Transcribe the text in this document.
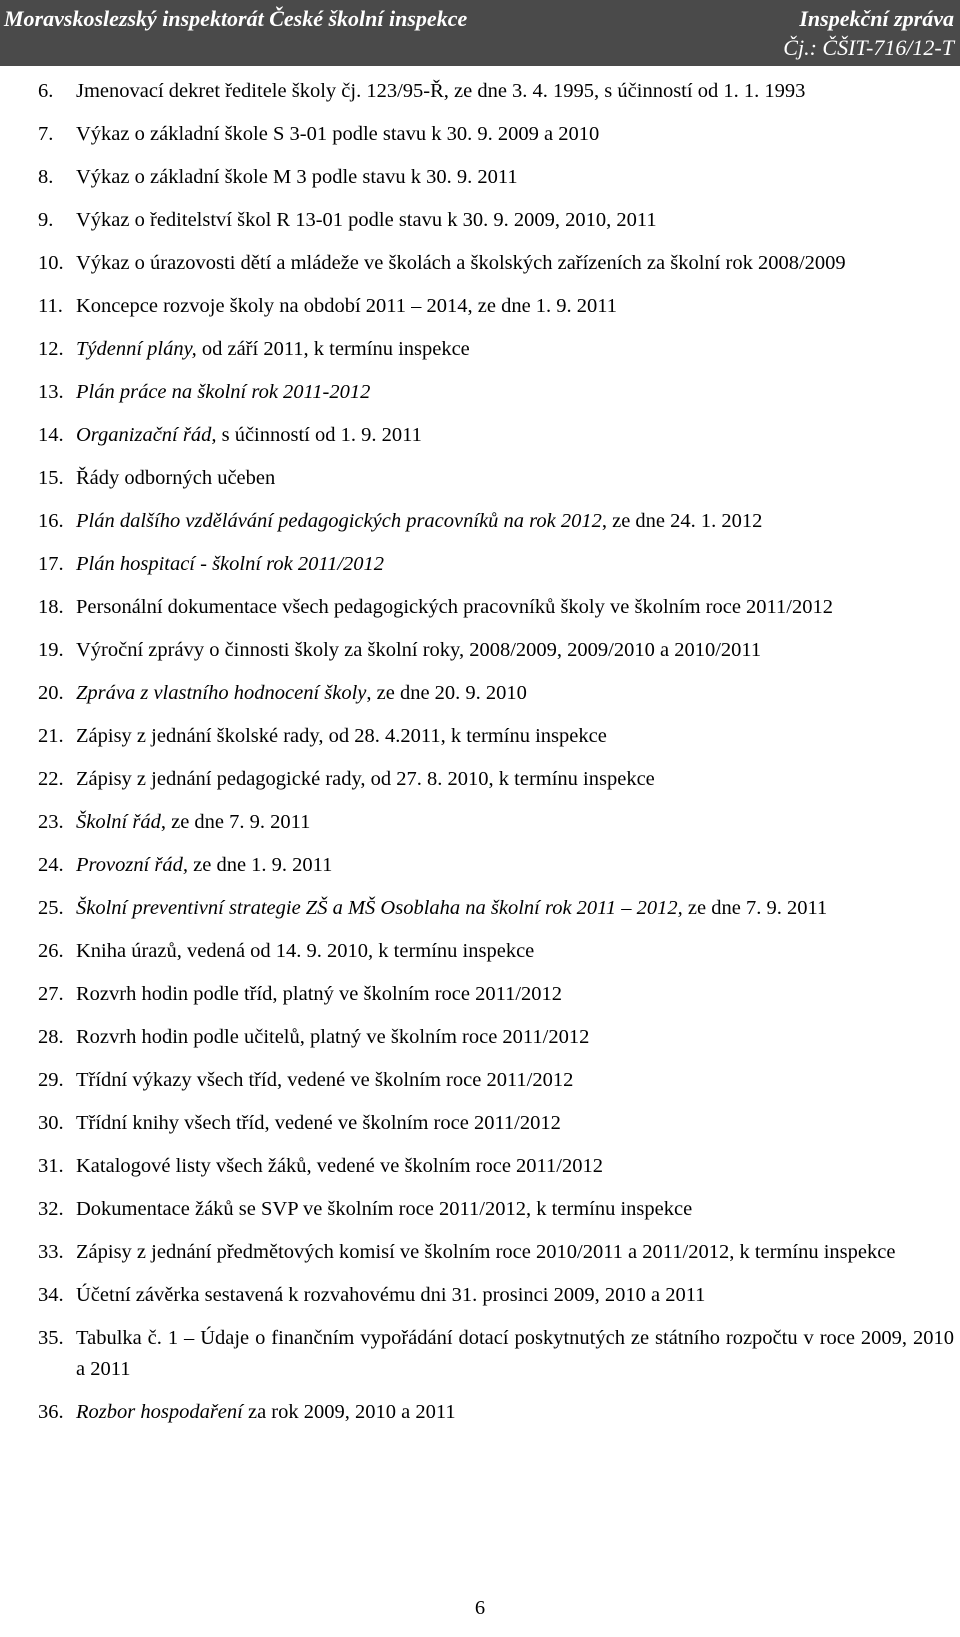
Moravskoslezský inspektorát České školní inspekce	Inspekční zpráva
Čj.: ČŠIT-716/12-T
6.	Jmenovací dekret ředitele školy čj. 123/95-Ř, ze dne 3. 4. 1995, s účinností od 1. 1. 1993
7.	Výkaz o základní škole S 3-01 podle stavu k 30. 9. 2009 a 2010
8.	Výkaz o základní škole M 3 podle stavu k 30. 9. 2011
9.	Výkaz o ředitelství škol R 13-01 podle stavu k 30. 9. 2009, 2010, 2011
10. Výkaz o úrazovosti dětí a mládeže ve školách a školských zařízeních za školní rok 2008/2009
11. Koncepce rozvoje školy na období 2011 – 2014, ze dne 1. 9. 2011
12. Týdenní plány, od září 2011, k termínu inspekce
13. Plán práce na školní rok 2011-2012
14. Organizační řád, s účinností od 1. 9. 2011
15. Řády odborných učeben
16. Plán dalšího vzdělávání pedagogických pracovníků na rok 2012, ze dne 24. 1. 2012
17. Plán hospitací - školní rok 2011/2012
18. Personální dokumentace všech pedagogických pracovníků školy ve školním roce 2011/2012
19. Výroční zprávy o činnosti školy za školní roky, 2008/2009, 2009/2010 a 2010/2011
20. Zpráva z vlastního hodnocení školy, ze dne 20. 9. 2010
21. Zápisy z jednání školské rady, od 28. 4.2011, k termínu inspekce
22. Zápisy z jednání pedagogické rady, od 27. 8. 2010, k termínu inspekce
23. Školní řád, ze dne 7. 9. 2011
24. Provozní řád, ze dne 1. 9. 2011
25. Školní preventivní strategie ZŠ a MŠ Osoblaha na školní rok 2011 – 2012, ze dne 7. 9. 2011
26. Kniha úrazů, vedená od 14. 9. 2010, k termínu inspekce
27. Rozvrh hodin podle tříd, platný ve školním roce 2011/2012
28. Rozvrh hodin podle učitelů, platný ve školním roce 2011/2012
29. Třídní výkazy všech tříd, vedené ve školním roce 2011/2012
30. Třídní knihy všech tříd, vedené ve školním roce 2011/2012
31. Katalogové listy všech žáků, vedené ve školním roce 2011/2012
32. Dokumentace žáků se SVP ve školním roce 2011/2012, k termínu inspekce
33. Zápisy z jednání předmětových komisí ve školním roce 2010/2011 a 2011/2012, k termínu inspekce
34. Účetní závěrka sestavená k rozvahovému dni 31. prosinci 2009, 2010 a 2011
35. Tabulka č. 1 – Údaje o finančním vypořádání dotací poskytnutých ze státního rozpočtu v roce 2009, 2010 a 2011
36. Rozbor hospodaření za rok 2009, 2010 a 2011
6
